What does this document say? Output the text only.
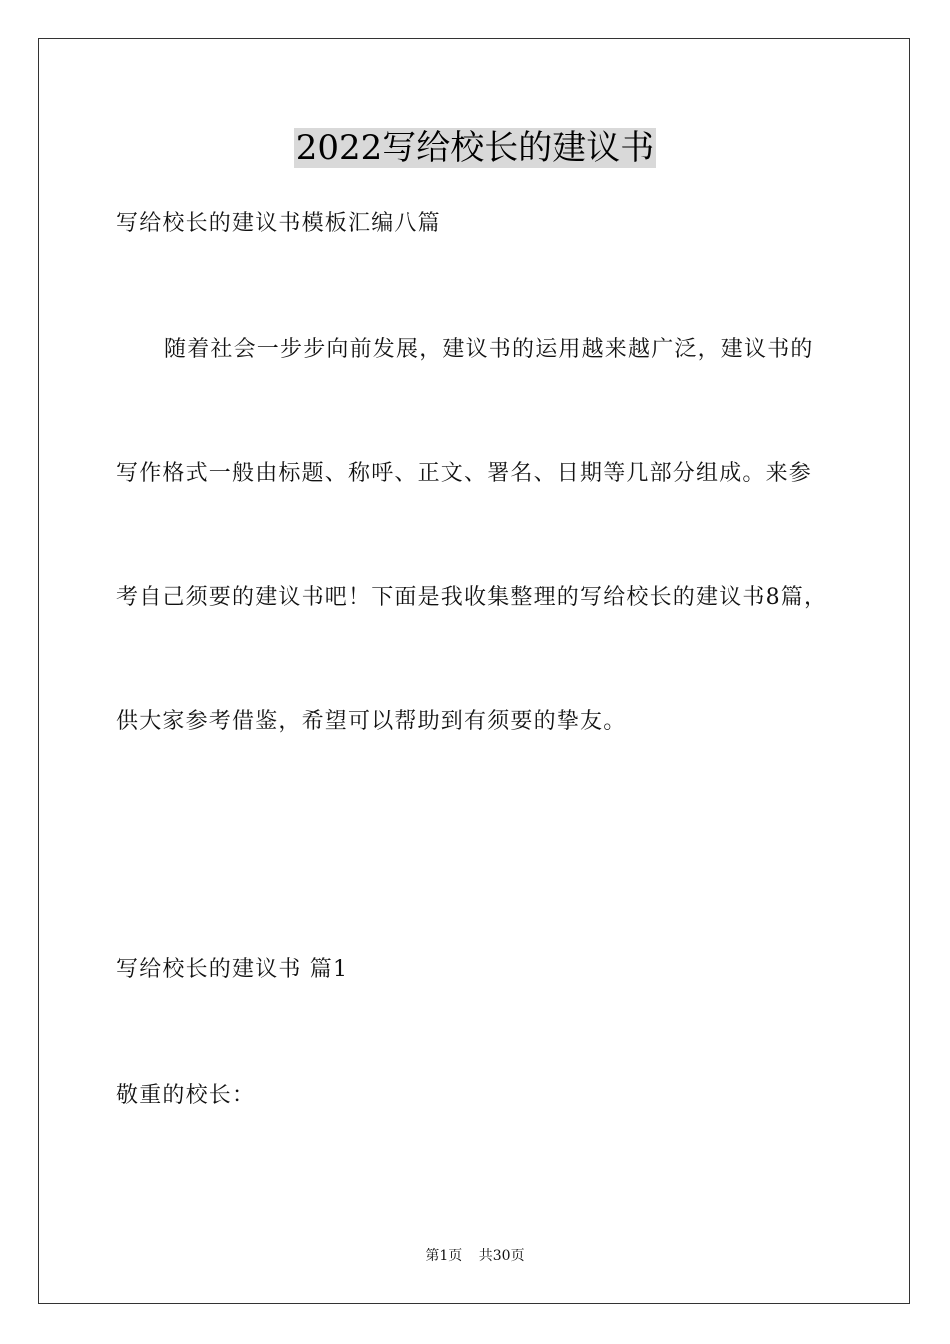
2022写给校长的建议书
写给校长的建议书模板汇编八篇
随着社会一步步向前发展，建议书的运用越来越广泛，建议书的
写作格式一般由标题、称呼、正文、署名、日期等几部分组成。来参
考自己须要的建议书吧！下面是我收集整理的写给校长的建议书8篇，
供大家参考借鉴，希望可以帮助到有须要的挚友。
写给校长的建议书 篇1
敬重的校长：
第1页 共30页
